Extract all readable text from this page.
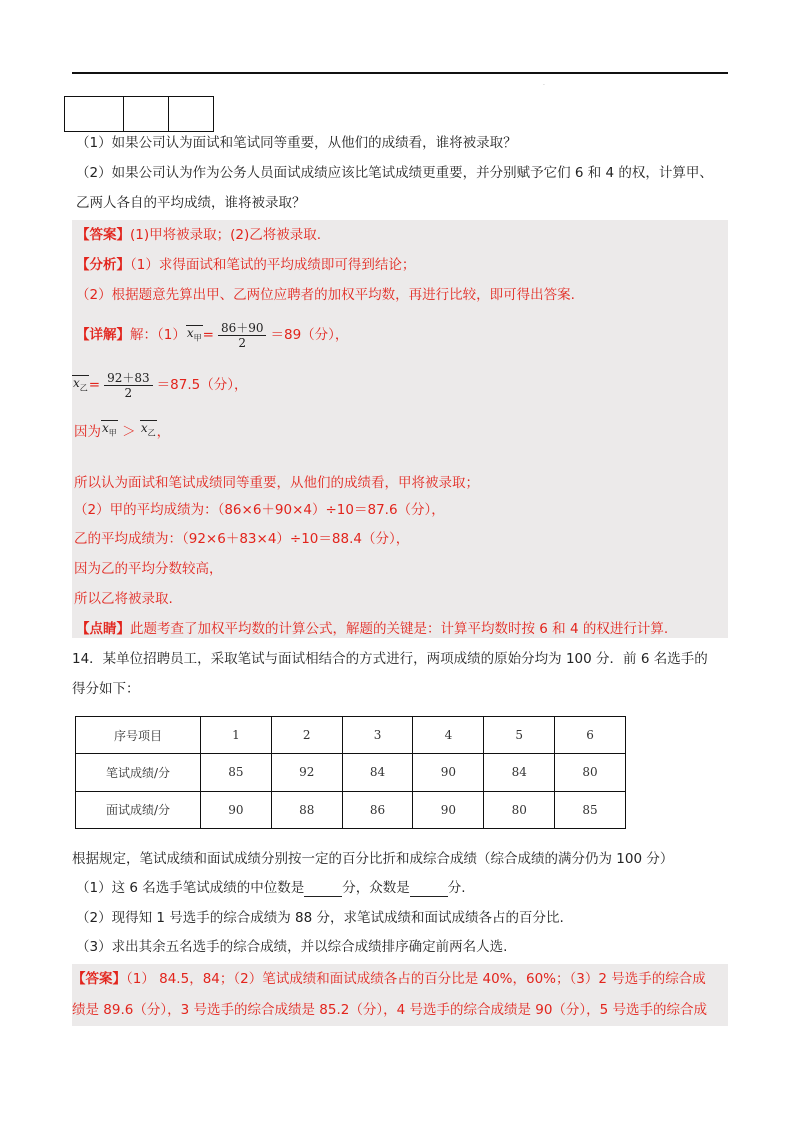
·
（1）如果公司认为面试和笔试同等重要，从他们的成绩看，谁将被录取？
（2）如果公司认为作为公务人员面试成绩应该比笔试成绩更重要，并分别赋予它们 6 和 4 的权，计算甲、
乙两人各自的平均成绩，谁将被录取？
【答案】(1)甲将被录取；(2)乙将被录取.
【分析】（1）求得面试和笔试的平均成绩即可得到结论；
（2）根据题意先算出甲、乙两位应聘者的加权平均数，再进行比较，即可得出答案.
【详解】解：$(1)x_甲= \frac{86+90}{2} =89$（分），
$x_乙= \frac{92+83}{2} =87.5$（分），
因为$x_甲 > x_乙$，
所以认为面试和笔试成绩同等重要，从他们的成绩看，甲将被录取；
（2）甲的平均成绩为：（86×6＋90×4）÷10＝87.6（分），
乙的平均成绩为：（92×6＋83×4）÷10＝88.4（分），
因为乙的平均分数较高，
所以乙将被录取.
【点睛】此题考查了加权平均数的计算公式，解题的关键是：计算平均数时按 6 和 4 的权进行计算.
14．某单位招聘员工，采取笔试与面试相结合的方式进行，两项成绩的原始分均为 100 分．前 6 名选手的
得分如下：
序号项目	1	2	3	4	5	6
笔试成绩/分	85	92	84	90	84	80
面试成绩/分	90	88	86	90	80	85
根据规定，笔试成绩和面试成绩分别按一定的百分比折和成综合成绩（综合成绩的满分仍为 100 分）
（1）这 6 名选手笔试成绩的中位数是	分，众数是	分.
（2）现得知 1 号选手的综合成绩为 88 分，求笔试成绩和面试成绩各占的百分比.
（3）求出其余五名选手的综合成绩，并以综合成绩排序确定前两名人选.
【答案】（1） 84.5，84；（2）笔试成绩和面试成绩各占的百分比是 40%，60%；（3）2 号选手的综合成
绩是 89.6（分），3 号选手的综合成绩是 85.2（分），4 号选手的综合成绩是 90（分），5 号选手的综合成
